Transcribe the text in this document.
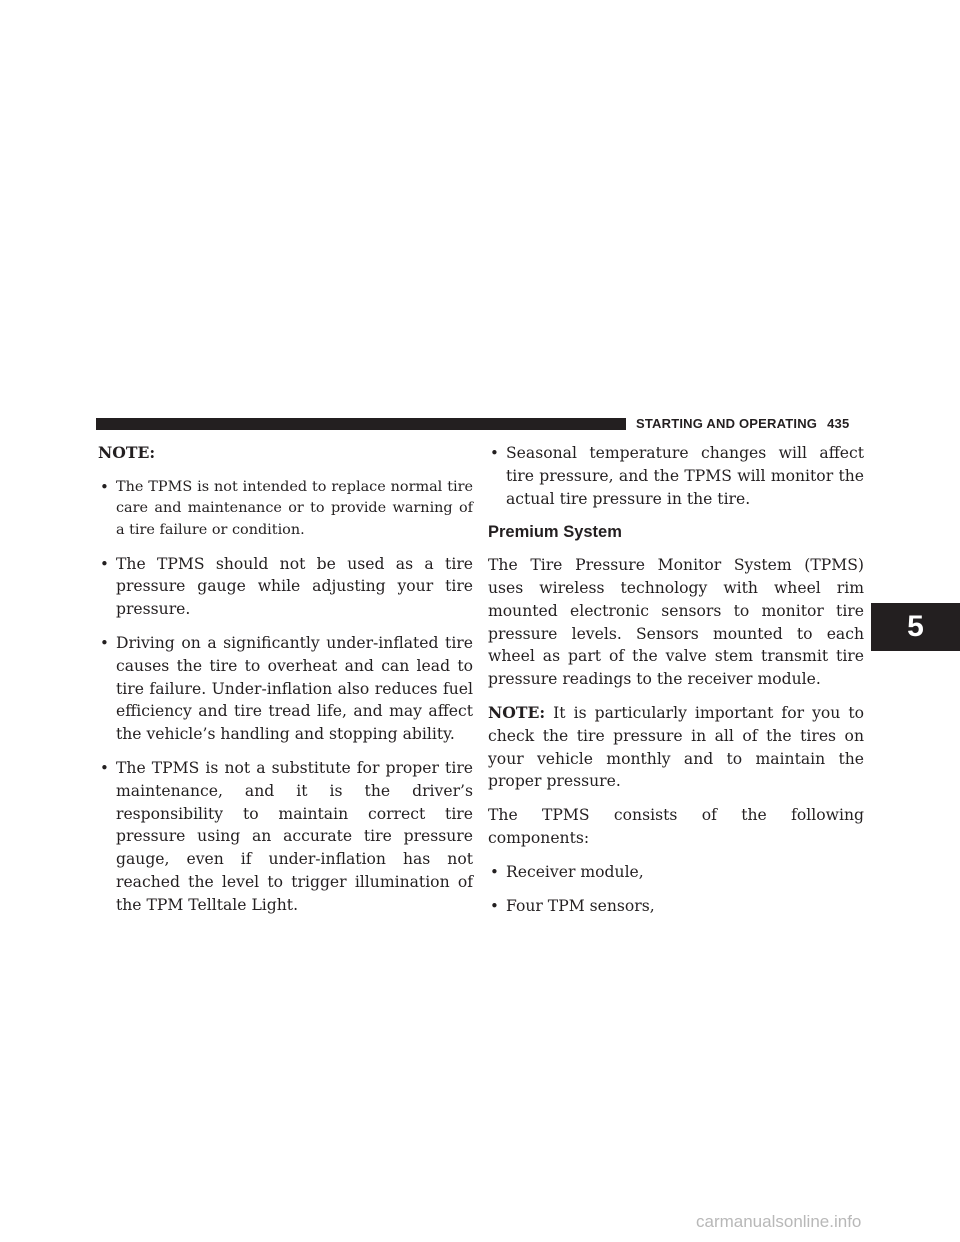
STARTING AND OPERATING 435
NOTE:
• The TPMS is not intended to replace normal tire care and maintenance or to provide warning of a tire failure or condition.
• The TPMS should not be used as a tire pressure gauge while adjusting your tire pressure.
• Driving on a significantly under-inflated tire causes the tire to overheat and can lead to tire failure. Under-inflation also reduces fuel efficiency and tire tread life, and may affect the vehicle’s handling and stopping ability.
• The TPMS is not a substitute for proper tire maintenance, and it is the driver’s responsibility to maintain correct tire pressure using an accurate tire pressure gauge, even if under-inflation has not reached the level to trigger illumination of the TPM Telltale Light.
• Seasonal temperature changes will affect tire pressure, and the TPMS will monitor the actual tire pressure in the tire.
Premium System

The Tire Pressure Monitor System (TPMS) uses wireless technology with wheel rim mounted electronic sensors to monitor tire pressure levels. Sensors mounted to each wheel as part of the valve stem transmit tire pressure readings to the receiver module.

NOTE: It is particularly important for you to check the tire pressure in all of the tires on your vehicle monthly and to maintain the proper pressure.

The TPMS consists of the following components:

• Receiver module,
• Four TPM sensors,
5
carmanualsonline.info
